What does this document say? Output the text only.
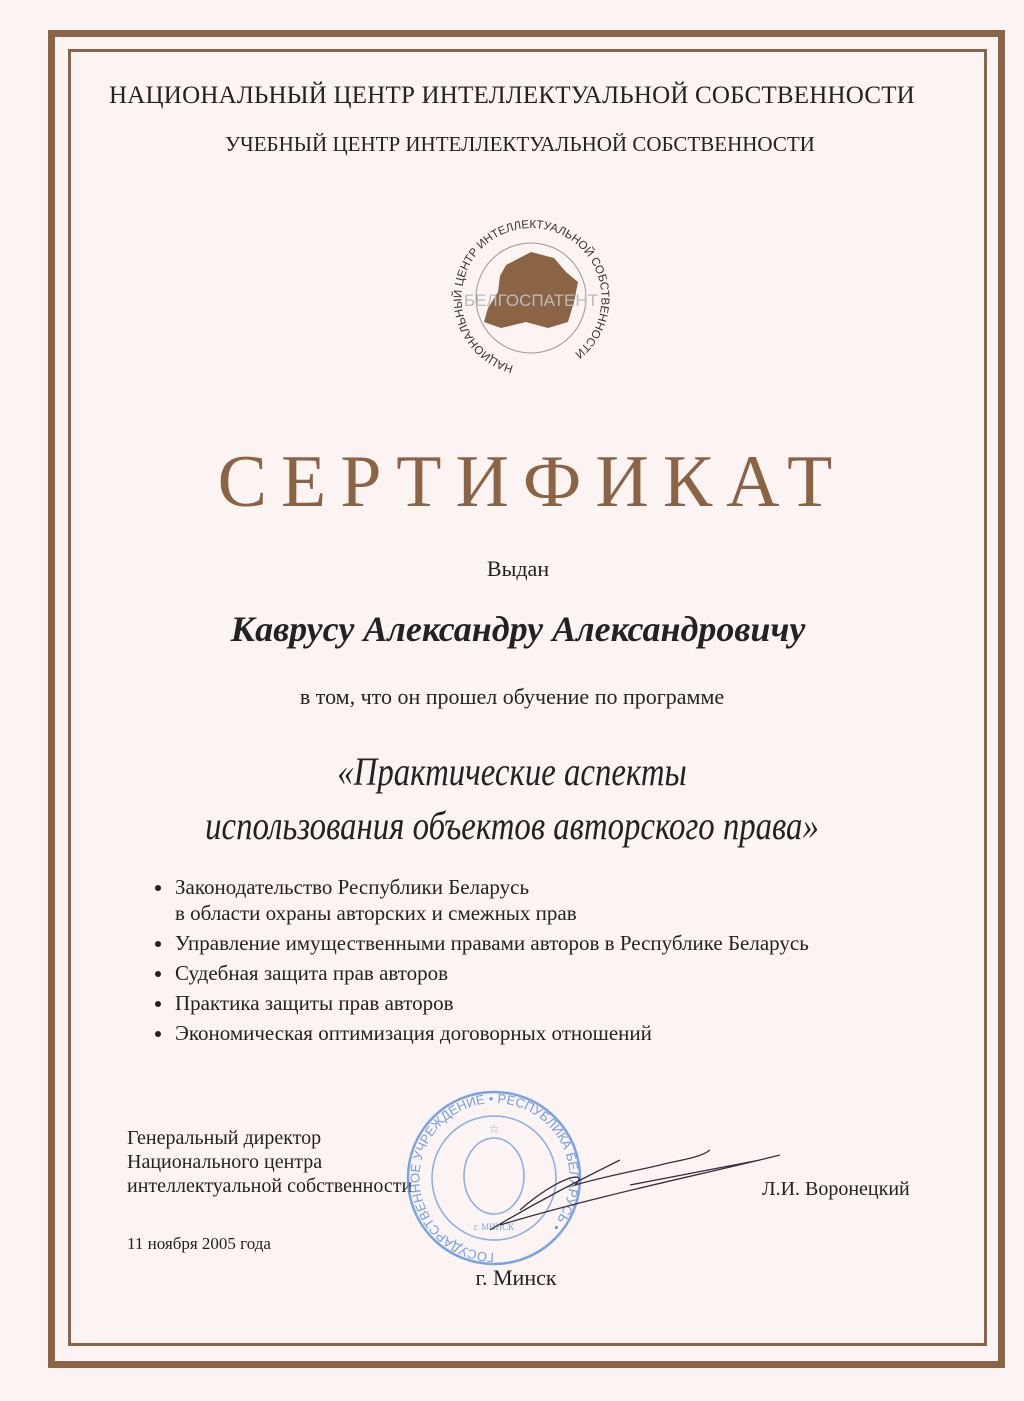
НАЦИОНАЛЬНЫЙ ЦЕНТР ИНТЕЛЛЕКТУАЛЬНОЙ СОБСТВЕННОСТИ
УЧЕБНЫЙ ЦЕНТР ИНТЕЛЛЕКТУАЛЬНОЙ СОБСТВЕННОСТИ
БЕЛГОСПАТЕНТ
НАЦИОНАЛЬНЫЙ ЦЕНТР ИНТЕЛЛЕКТУАЛЬНОЙ СОБСТВЕННОСТИ
СЕРТИФИКАТ
Выдан
Каврусу Александру Александровичу
в том, что он прошел обучение по программе
«Практические аспекты
использования объектов авторского права»
Законодательство Республики Беларусь
в области охраны авторских и смежных прав
Управление имущественными правами авторов в Республике Беларусь
Судебная защита прав авторов
Практика защиты прав авторов
Экономическая оптимизация договорных отношений
Генеральный директор
Национального центра
интеллектуальной собственности
11 ноября 2005 года
ГОСУДАРСТВЕННОЕ УЧРЕЖДЕНИЕ • РЕСПУБЛИКА БЕЛАРУСЬ •
☆
г. МИНСК
Л.И. Воронецкий
г. Минск
